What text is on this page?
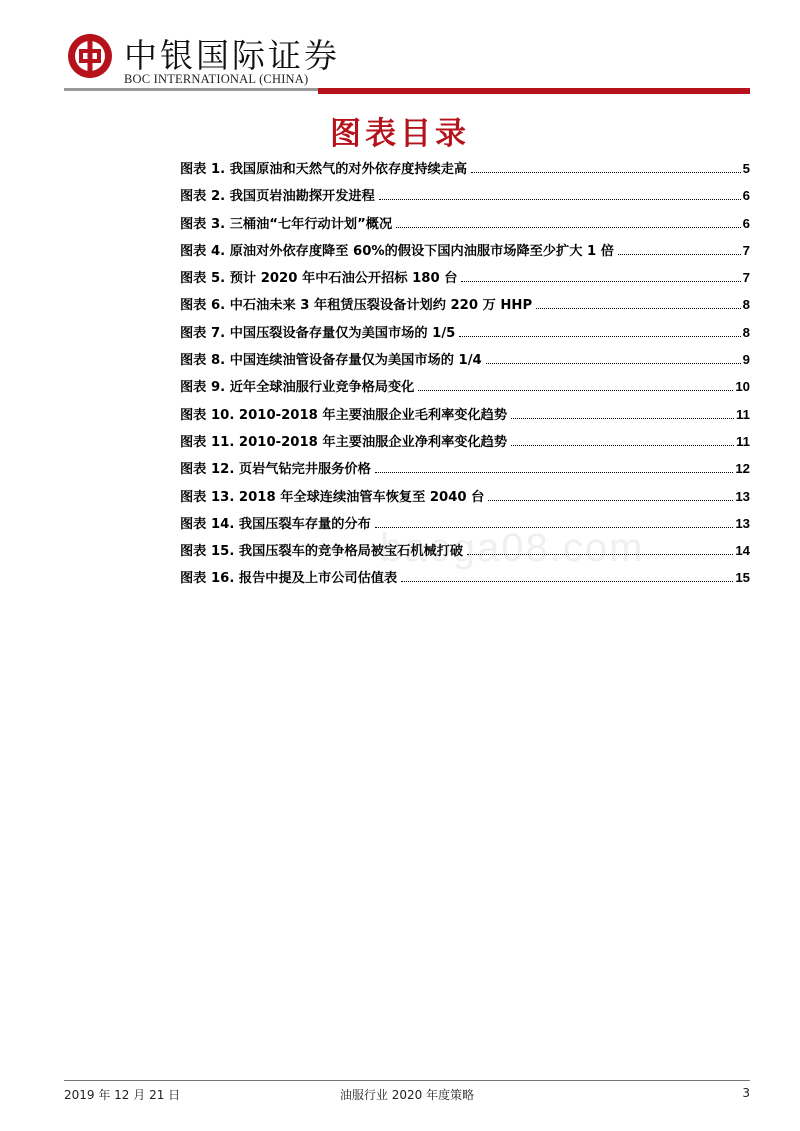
中银国际证券
BOC INTERNATIONAL (CHINA)
图表目录
图表 1. 我国原油和天然气的对外依存度持续走高	5
图表 2. 我国页岩油勘探开发进程	6
图表 3. 三桶油“七年行动计划”概况	6
图表 4. 原油对外依存度降至 60%的假设下国内油服市场降至少扩大 1 倍	7
图表 5. 预计 2020 年中石油公开招标 180 台	7
图表 6. 中石油未来 3 年租赁压裂设备计划约 220 万 HHP	8
图表 7. 中国压裂设备存量仅为美国市场的 1/5	8
图表 8. 中国连续油管设备存量仅为美国市场的 1/4	9
图表 9. 近年全球油服行业竞争格局变化	10
图表 10. 2010-2018 年主要油服企业毛利率变化趋势	11
图表 11. 2010-2018 年主要油服企业净利率变化趋势	11
图表 12. 页岩气钻完井服务价格	12
图表 13. 2018 年全球连续油管车恢复至 2040 台	13
图表 14. 我国压裂车存量的分布	13
图表 15. 我国压裂车的竞争格局被宝石机械打破	14
图表 16. 报告中提及上市公司估值表	15
baoga08.com
2019 年 12 月 21 日	油服行业 2020 年度策略	3
